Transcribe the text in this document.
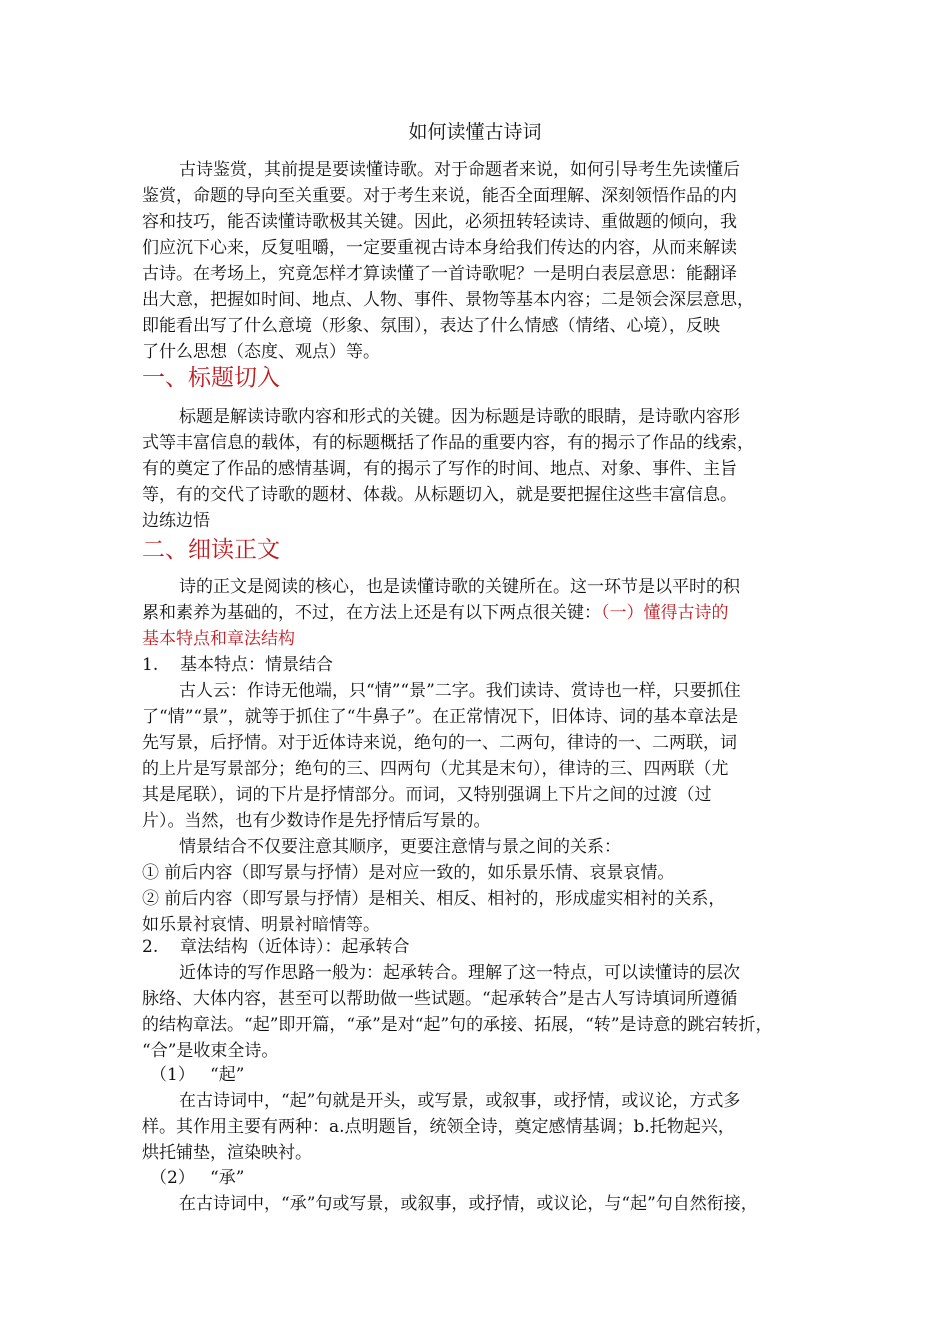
如何读懂古诗词
古诗鉴赏，其前提是要读懂诗歌。对于命题者来说，如何引导考生先读懂后
鉴赏，命题的导向至关重要。对于考生来说，能否全面理解、深刻领悟作品的内
容和技巧，能否读懂诗歌极其关键。因此，必须扭转轻读诗、重做题的倾向，我
们应沉下心来，反复咀嚼，一定要重视古诗本身给我们传达的内容，从而来解读
古诗。在考场上，究竟怎样才算读懂了一首诗歌呢？一是明白表层意思：能翻译
出大意，把握如时间、地点、人物、事件、景物等基本内容；二是领会深层意思，
即能看出写了什么意境（形象、氛围），表达了什么情感（情绪、心境），反映
了什么思想（态度、观点）等。
一、标题切入
标题是解读诗歌内容和形式的关键。因为标题是诗歌的眼睛，是诗歌内容形
式等丰富信息的载体，有的标题概括了作品的重要内容，有的揭示了作品的线索，
有的奠定了作品的感情基调，有的揭示了写作的时间、地点、对象、事件、主旨
等，有的交代了诗歌的题材、体裁。从标题切入，就是要把握住这些丰富信息。
边练边悟
二、细读正文
诗的正文是阅读的核心，也是读懂诗歌的关键所在。这一环节是以平时的积
累和素养为基础的，不过，在方法上还是有以下两点很关键：（一）懂得古诗的
基本特点和章法结构
1. 基本特点：情景结合
古人云：作诗无他端，只“情”“景”二字。我们读诗、赏诗也一样，只要抓住
了“情”“景”，就等于抓住了“牛鼻子”。在正常情况下，旧体诗、词的基本章法是
先写景，后抒情。对于近体诗来说，绝句的一、二两句，律诗的一、二两联，词
的上片是写景部分；绝句的三、四两句（尤其是末句），律诗的三、四两联（尤
其是尾联），词的下片是抒情部分。而词，又特别强调上下片之间的过渡（过
片）。当然，也有少数诗作是先抒情后写景的。
情景结合不仅要注意其顺序，更要注意情与景之间的关系：
① 前后内容（即写景与抒情）是对应一致的，如乐景乐情、哀景哀情。
② 前后内容（即写景与抒情）是相关、相反、相衬的，形成虚实相衬的关系，
如乐景衬哀情、明景衬暗情等。
2. 章法结构（近体诗）：起承转合
近体诗的写作思路一般为：起承转合。理解了这一特点，可以读懂诗的层次
脉络、大体内容，甚至可以帮助做一些试题。“起承转合”是古人写诗填词所遵循
的结构章法。“起”即开篇，“承”是对“起”句的承接、拓展，“转”是诗意的跳宕转折，
“合”是收束全诗。
（1） “起”
在古诗词中，“起”句就是开头，或写景，或叙事，或抒情，或议论，方式多
样。其作用主要有两种：a.点明题旨，统领全诗，奠定感情基调；b.托物起兴，
烘托铺垫，渲染映衬。
（2） “承”
在古诗词中，“承”句或写景，或叙事，或抒情，或议论，与“起”句自然衔接，
